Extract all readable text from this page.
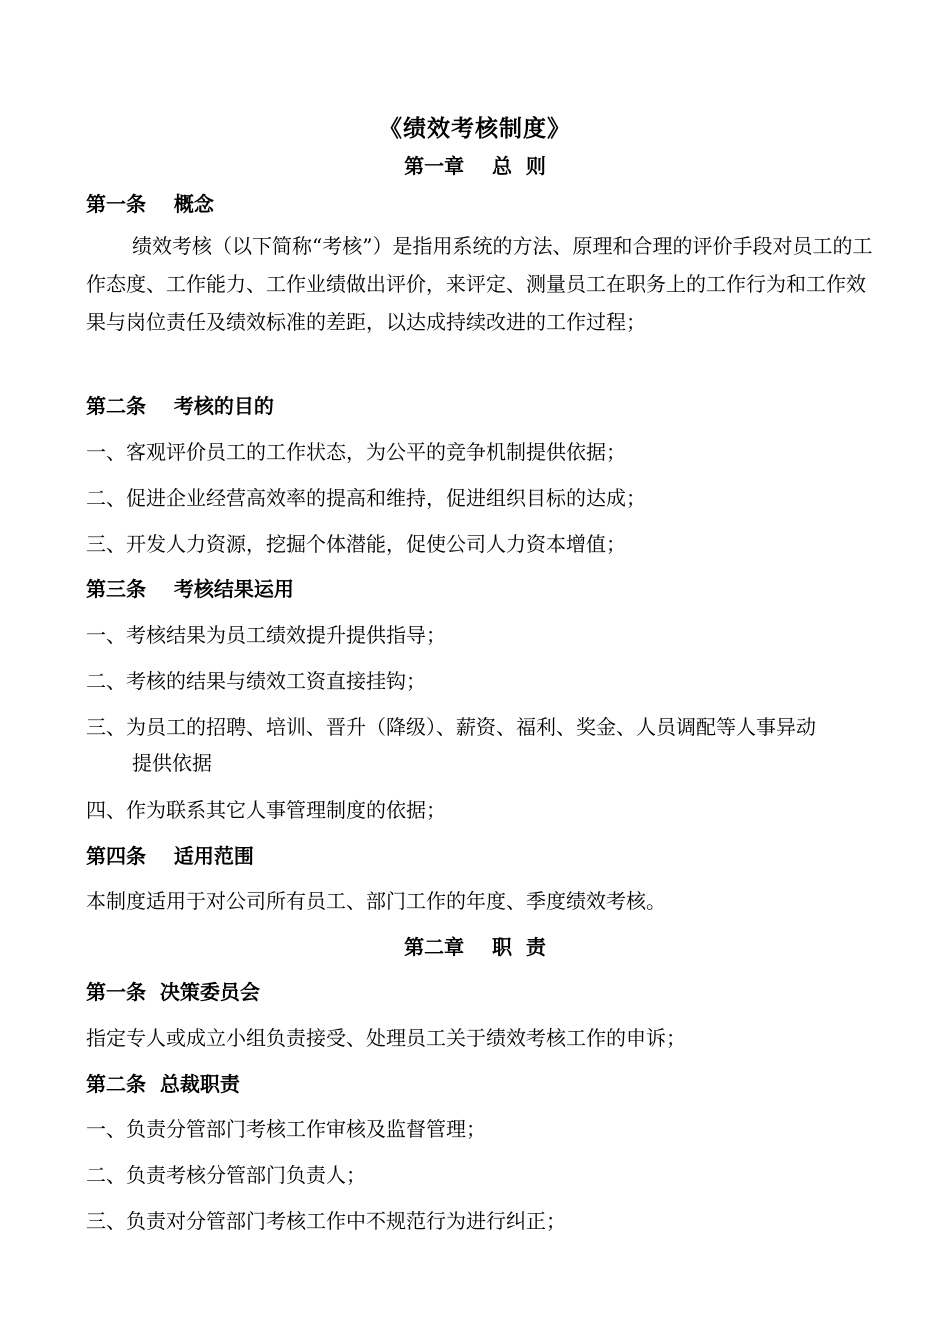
《绩效考核制度》
第一章    总  则
第一条    概念
绩效考核（以下简称“考核”）是指用系统的方法、原理和合理的评价手段对员工的工作态度、工作能力、工作业绩做出评价，来评定、测量员工在职务上的工作行为和工作效果与岗位责任及绩效标准的差距，以达成持续改进的工作过程；
第二条    考核的目的
一、客观评价员工的工作状态，为公平的竞争机制提供依据；
二、促进企业经营高效率的提高和维持，促进组织目标的达成；
三、开发人力资源，挖掘个体潜能，促使公司人力资本增值；
第三条    考核结果运用
一、考核结果为员工绩效提升提供指导；
二、考核的结果与绩效工资直接挂钩；
三、为员工的招聘、培训、晋升（降级）、薪资、福利、奖金、人员调配等人事异动
提供依据
四、作为联系其它人事管理制度的依据；
第四条    适用范围
本制度适用于对公司所有员工、部门工作的年度、季度绩效考核。
第二章    职  责
第一条  决策委员会
指定专人或成立小组负责接受、处理员工关于绩效考核工作的申诉；
第二条  总裁职责
一、负责分管部门考核工作审核及监督管理；
二、负责考核分管部门负责人；
三、负责对分管部门考核工作中不规范行为进行纠正；
